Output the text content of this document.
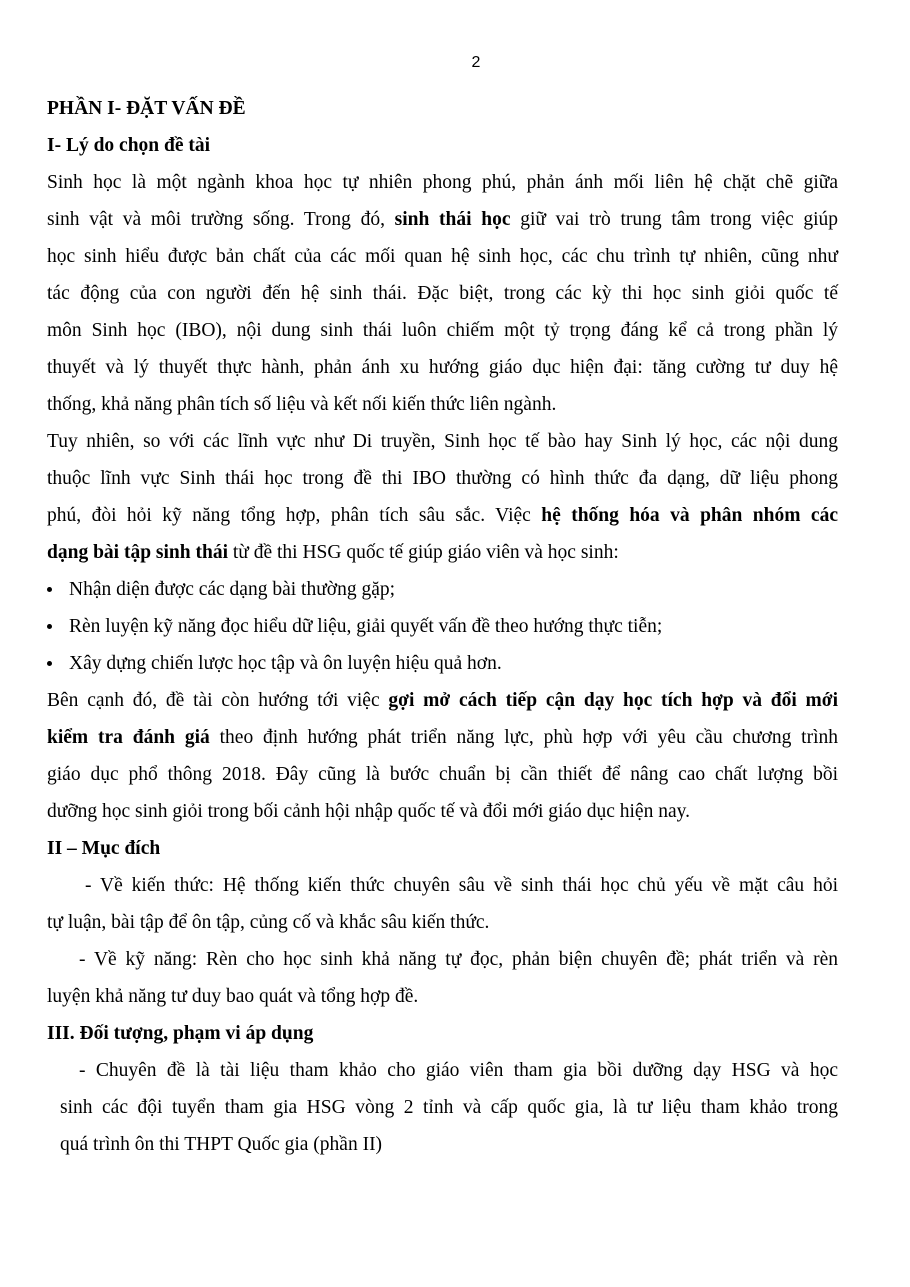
2
PHẦN I- ĐẶT VẤN ĐỀ
I- Lý do chọn đề tài
Sinh học là một ngành khoa học tự nhiên phong phú, phản ánh mối liên hệ chặt chẽ giữa
sinh vật và môi trường sống. Trong đó, sinh thái học giữ vai trò trung tâm trong việc giúp
học sinh hiểu được bản chất của các mối quan hệ sinh học, các chu trình tự nhiên, cũng như
tác động của con người đến hệ sinh thái. Đặc biệt, trong các kỳ thi học sinh giỏi quốc tế
môn Sinh học (IBO), nội dung sinh thái luôn chiếm một tỷ trọng đáng kể cả trong phần lý
thuyết và lý thuyết thực hành, phản ánh xu hướng giáo dục hiện đại: tăng cường tư duy hệ
thống, khả năng phân tích số liệu và kết nối kiến thức liên ngành.
Tuy nhiên, so với các lĩnh vực như Di truyền, Sinh học tế bào hay Sinh lý học, các nội dung
thuộc lĩnh vực Sinh thái học trong đề thi IBO thường có hình thức đa dạng, dữ liệu phong
phú, đòi hỏi kỹ năng tổng hợp, phân tích sâu sắc. Việc hệ thống hóa và phân nhóm các
dạng bài tập sinh thái từ đề thi HSG quốc tế giúp giáo viên và học sinh:
Nhận diện được các dạng bài thường gặp;
Rèn luyện kỹ năng đọc hiểu dữ liệu, giải quyết vấn đề theo hướng thực tiễn;
Xây dựng chiến lược học tập và ôn luyện hiệu quả hơn.
Bên cạnh đó, đề tài còn hướng tới việc gợi mở cách tiếp cận dạy học tích hợp và đổi mới
kiểm tra đánh giá theo định hướng phát triển năng lực, phù hợp với yêu cầu chương trình
giáo dục phổ thông 2018. Đây cũng là bước chuẩn bị cần thiết để nâng cao chất lượng bồi
dưỡng học sinh giỏi trong bối cảnh hội nhập quốc tế và đổi mới giáo dục hiện nay.
II – Mục đích
- Về kiến thức: Hệ thống kiến thức chuyên sâu về sinh thái học chủ yếu về mặt câu hỏi
tự luận, bài tập để ôn tập, củng cố và khắc sâu kiến thức.
- Về kỹ năng: Rèn cho học sinh khả năng tự đọc, phản biện chuyên đề; phát triển và rèn
luyện khả năng tư duy bao quát và tổng hợp đề.
III. Đối tượng, phạm vi áp dụng
- Chuyên đề là tài liệu tham khảo cho giáo viên tham gia bồi dưỡng dạy HSG và học
sinh các đội tuyển tham gia HSG vòng 2 tỉnh và cấp quốc gia, là tư liệu tham khảo trong
quá trình ôn thi THPT Quốc gia (phần II)
